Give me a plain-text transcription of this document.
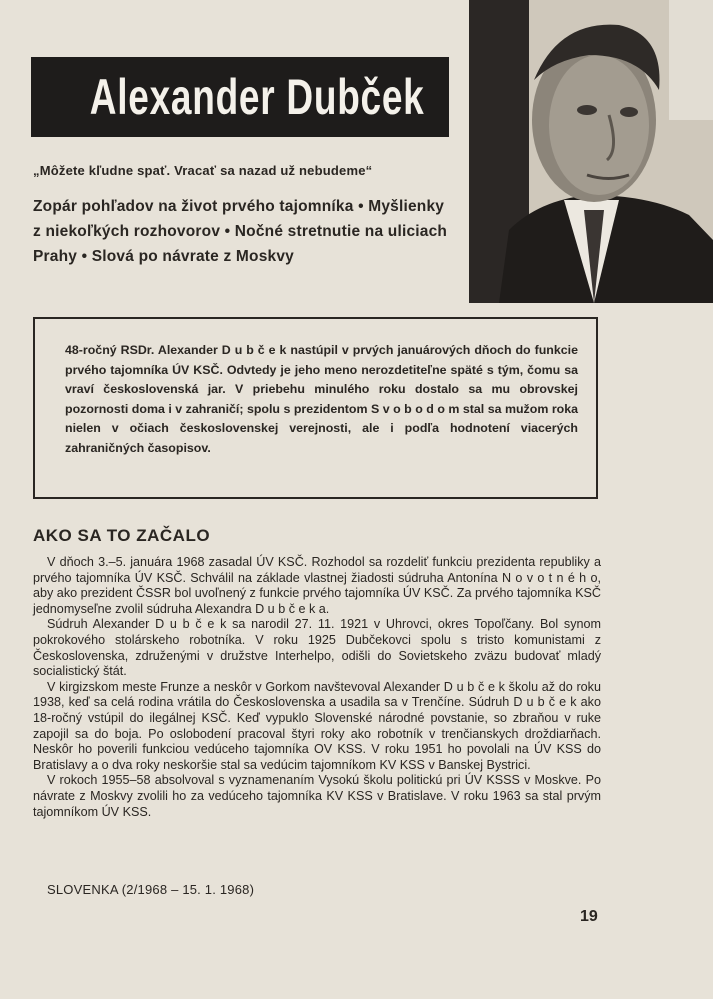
Alexander Dubček
„Môžete kľudne spať. Vracať sa nazad už nebudeme“
Zopár pohľadov na život prvého tajomníka • Myšlienky z niekoľkých rozhovorov • Nočné stretnutie na uliciach Prahy • Slová po návrate z Moskvy

48-ročný RSDr. Alexander D u b č e k nastúpil v prvých januárových dňoch do funkcie prvého tajomníka ÚV KSČ. Odvtedy je jeho meno nerozdetiteľne späté s tým, čomu sa vraví československá jar. V priebehu minulého roku dostalo sa mu obrovskej pozornosti doma i v zahraničí; spolu s prezidentom S v o b o d o m stal sa mužom roka nielen v očiach československej verejnosti, ale i podľa hodnotení viacerých zahraničných časopisov.

AKO SA TO ZAČALO

V dňoch 3.–5. januára 1968 zasadal ÚV KSČ. Rozhodol sa rozdeliť funkciu prezidenta republiky a prvého tajomníka ÚV KSČ. Schválil na základe vlastnej žiadosti súdruha Antonína N o v o t n é h o, aby ako prezident ČSSR bol uvoľnený z funkcie prvého tajomníka ÚV KSČ. Za prvého tajomníka KSČ jednomyseľne zvolil súdruha Alexandra D u b č e k a.

Súdruh Alexander D u b č e k sa narodil 27. 11. 1921 v Uhrovci, okres Topoľčany. Bol synom pokrokového stolárskeho robotníka. V roku 1925 Dubčekovci spolu s tristo komunistami z Československa, združenými v družstve Interhelpo, odišli do Sovietskeho zväzu budovať mladý socialistický štát.

V kirgizskom meste Frunze a neskôr v Gorkom navštevoval Alexander D u b č e k školu až do roku 1938, keď sa celá rodina vrátila do Československa a usadila sa v Trenčíne. Súdruh D u b č e k ako 18-ročný vstúpil do ilegálnej KSČ. Keď vypuklo Slovenské národné povstanie, so zbraňou v ruke zapojil sa do boja. Po oslobodení pracoval štyri roky ako robotník v trenčianskych droždiarňach. Neskôr ho poverili funkciou vedúceho tajomníka OV KSS. V roku 1951 ho povolali na ÚV KSS do Bratislavy a o dva roky neskoršie stal sa vedúcim tajomníkom KV KSS v Banskej Bystrici.

V rokoch 1955–58 absolvoval s vyznamenaním Vysokú školu politickú pri ÚV KSSS v Moskve. Po návrate z Moskvy zvolili ho za vedúceho tajomníka KV KSS v Bratislave. V roku 1963 sa stal prvým tajomníkom ÚV KSS.

SLOVENKA (2/1968 – 15. 1. 1968)
19
